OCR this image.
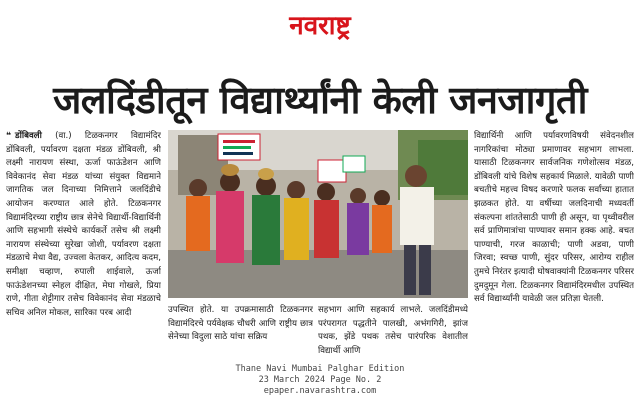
नवराष्ट्र
जलदिंडीतून विद्यार्थ्यांनी केली जनजागृती

❝ डोंबिवली (वा.) टिळकनगर विद्यामंदिर डोंबिवली, पर्यावरण दक्षता मंडळ डोंबिवली, श्री लक्ष्मी नारायण संस्था, ऊर्जा फाऊंडेशन आणि विवेकानंद सेवा मंडळ यांच्या संयुक्त विद्यमाने जागतिक जल दिनाच्या निमित्ताने जलदिंडीचे आयोजन करण्यात आले होते. टिळकनगर विद्यामंदिरच्या राष्ट्रीय छात्र सेनेचे विद्यार्थी-विद्यार्थिनी आणि सहभागी संस्थेचे कार्यकर्ते तसेच श्री लक्ष्मी नारायण संस्थेच्या सुरेखा जोशी, पर्यावरण दक्षता मंडळाचे मेधा वैद्य, उज्वला केतकर, आदित्य कदम, समीक्षा चव्हाण, रुपाली शाईवाले, ऊर्जा फाऊंडेशनच्या स्नेहल दीक्षित, मेघा गोखले, प्रिया राणे, गीता शेट्टीगार तसेच विवेकानंद सेवा मंडळाचे सचिव अनिल मोकल, सारिका परब आदी	उपस्थित होते. या उपक्रमासाठी टिळकनगर विद्यामंदिरचे पर्यवेक्षक चौधरी आणि राष्ट्रीय छात्र सेनेच्या विदुला साठे यांचा सक्रिय

सहभाग आणि सहकार्य लाभले. जलदिंडीमध्ये परंपरागत पद्धतीने पालखी, अभंगगिरी, झांज पथक, झेंडे पथक तसेच पारंपरिक वेशातील विद्यार्थी आणि

विद्यार्थिनी आणि पर्यावरणविषयी संवेदनशील नागरिकांचा मोठ्या प्रमाणावर सहभाग लाभला. यासाठी टिळकनगर सार्वजनिक गणेशोत्सव मंडळ, डोंबिवली यांचे विशेष सहकार्य मिळाले. यावेळी पाणी बचतीचे महत्त्व विषद करणारे फलक सर्वांच्या हातात झळकत होते. या वर्षीच्या जलदिनाची मध्यवर्ती संकल्पना शांततेसाठी पाणी ही असून, या पृथ्वीवरील सर्व प्राणिमात्रांचा पाण्यावर समान हक्क आहे. बचत पाण्याची, गरज काळाची; पाणी अडवा, पाणी जिरवा; स्वच्छ पाणी, सुंदर परिसर, आरोग्य राहील तुमचे निरंतर इत्यादी घोषवाक्यांनी टिळकनगर परिसर दुमदुमून गेला. टिळकनगर विद्यामंदिरमधील उपस्थित सर्व विद्यार्थ्यांनी यावेळी जल प्रतिज्ञा घेतली.

Thane Navi Mumbai Palghar Edition
23 March 2024 Page No. 2
epaper.navarashtra.com
